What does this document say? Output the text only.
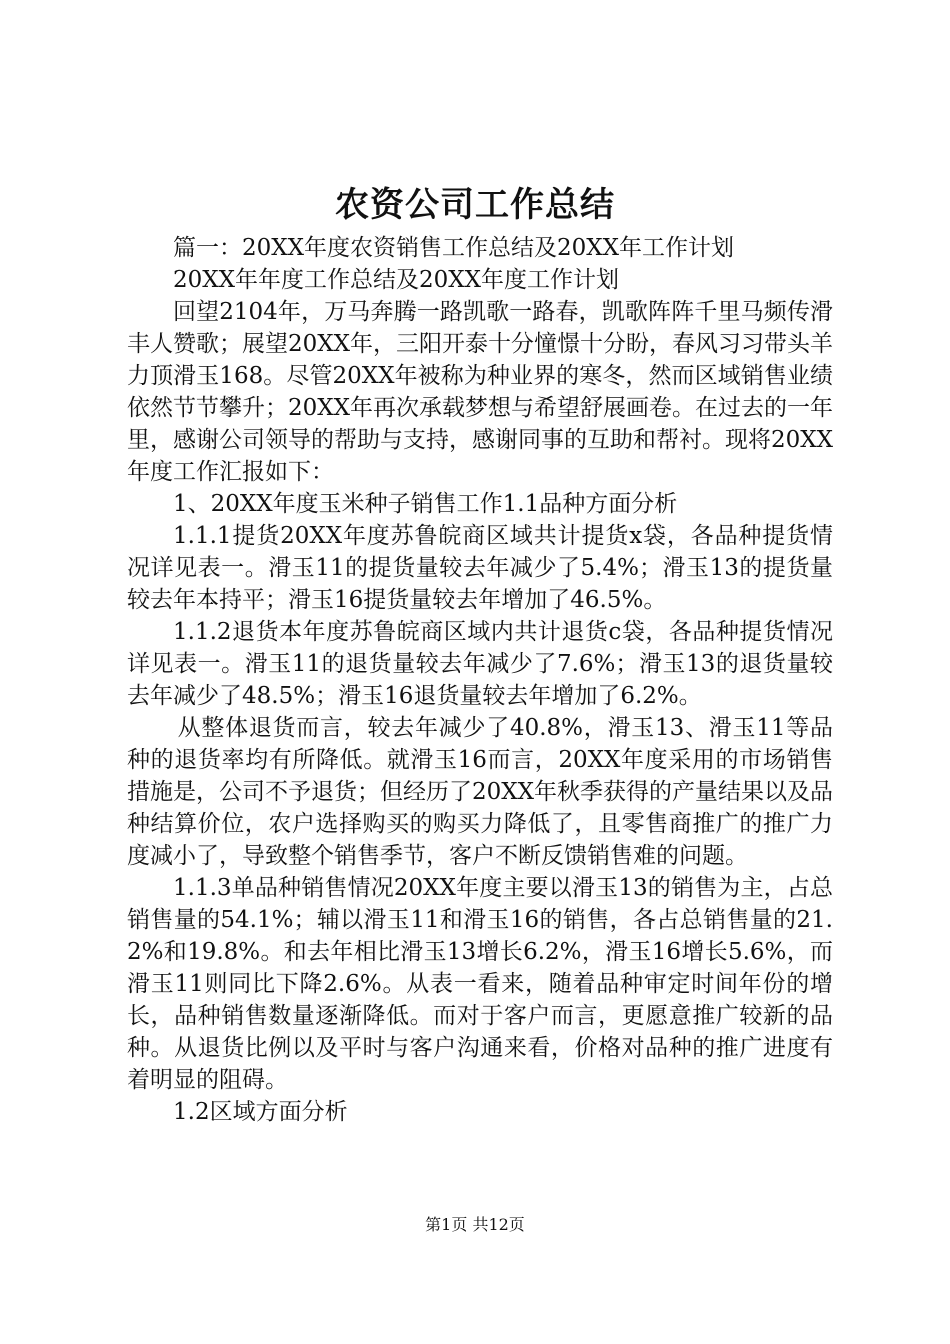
农资公司工作总结

篇一：20XX年度农资销售工作总结及20XX年工作计划

20XX年年度工作总结及20XX年度工作计划

回望2104年，万马奔腾一路凯歌一路春，凯歌阵阵千里马频传滑丰人赞歌；展望20XX年，三阳开泰十分憧憬十分盼，春风习习带头羊力顶滑玉168。尽管20XX年被称为种业界的寒冬，然而区域销售业绩依然节节攀升；20XX年再次承载梦想与希望舒展画卷。在过去的一年里，感谢公司领导的帮助与支持，感谢同事的互助和帮衬。现将20XX年度工作汇报如下：

1、20XX年度玉米种子销售工作1.1品种方面分析

1.1.1提货20XX年度苏鲁皖商区域共计提货x袋，各品种提货情况详见表一。滑玉11的提货量较去年减少了5.4%；滑玉13的提货量较去年本持平；滑玉16提货量较去年增加了46.5%。

1.1.2退货本年度苏鲁皖商区域内共计退货c袋，各品种提货情况详见表一。滑玉11的退货量较去年减少了7.6%；滑玉13的退货量较去年减少了48.5%；滑玉16退货量较去年增加了6.2%。

从整体退货而言，较去年减少了40.8%，滑玉13、滑玉11等品种的退货率均有所降低。就滑玉16而言，20XX年度采用的市场销售措施是，公司不予退货；但经历了20XX年秋季获得的产量结果以及品种结算价位，农户选择购买的购买力降低了，且零售商推广的推广力度减小了，导致整个销售季节，客户不断反馈销售难的问题。

1.1.3单品种销售情况20XX年度主要以滑玉13的销售为主，占总销售量的54.1%；辅以滑玉11和滑玉16的销售，各占总销售量的21.2%和19.8%。和去年相比滑玉13增长6.2%，滑玉16增长5.6%，而滑玉11则同比下降2.6%。从表一看来，随着品种审定时间年份的增长，品种销售数量逐渐降低。而对于客户而言，更愿意推广较新的品种。从退货比例以及平时与客户沟通来看，价格对品种的推广进度有着明显的阻碍。

1.2区域方面分析

第1页 共12页
